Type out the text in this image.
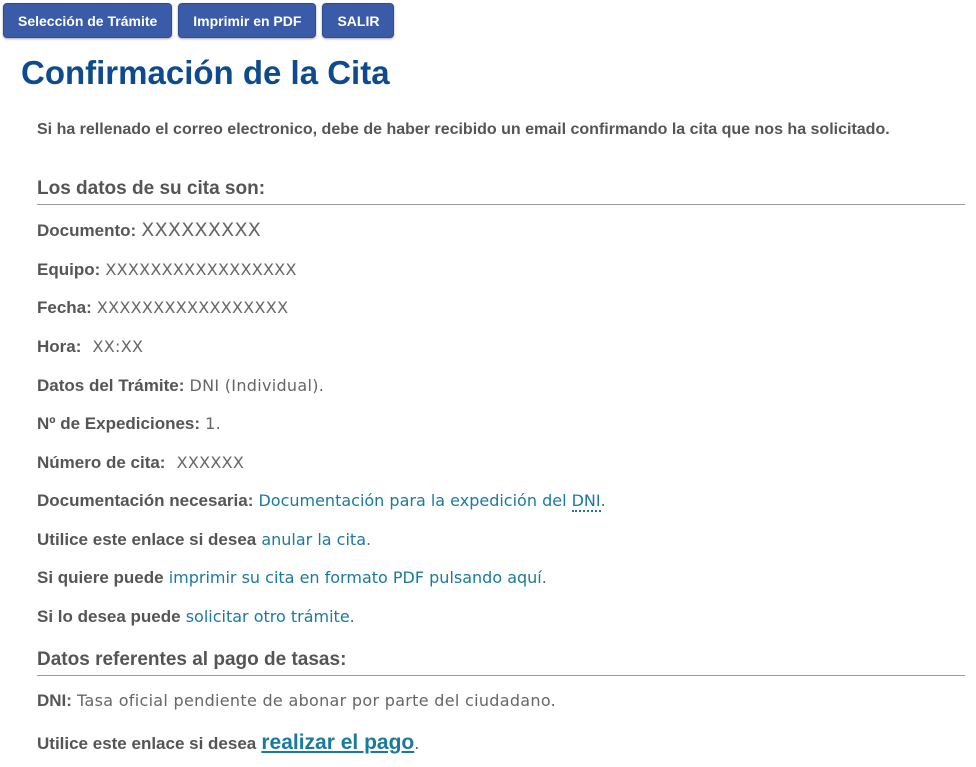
Selección de Trámite	Imprimir en PDF	SALIR
Confirmación de la Cita
Si ha rellenado el correo electronico, debe de haber recibido un email confirmando la cita que nos ha solicitado.
Los datos de su cita son:
Documento: XXXXXXXXX
Equipo: XXXXXXXXXXXXXXXXX
Fecha: XXXXXXXXXXXXXXXXX
Hora: XX:XX
Datos del Trámite: DNI (Individual).
Nº de Expediciones: 1.
Número de cita: XXXXXX
Documentación necesaria: Documentación para la expedición del DNI.
Utilice este enlace si desea anular la cita.
Si quiere puede imprimir su cita en formato PDF pulsando aquí.
Si lo desea puede solicitar otro trámite.
Datos referentes al pago de tasas:
DNI: Tasa oficial pendiente de abonar por parte del ciudadano.
Utilice este enlace si desea realizar el pago.
